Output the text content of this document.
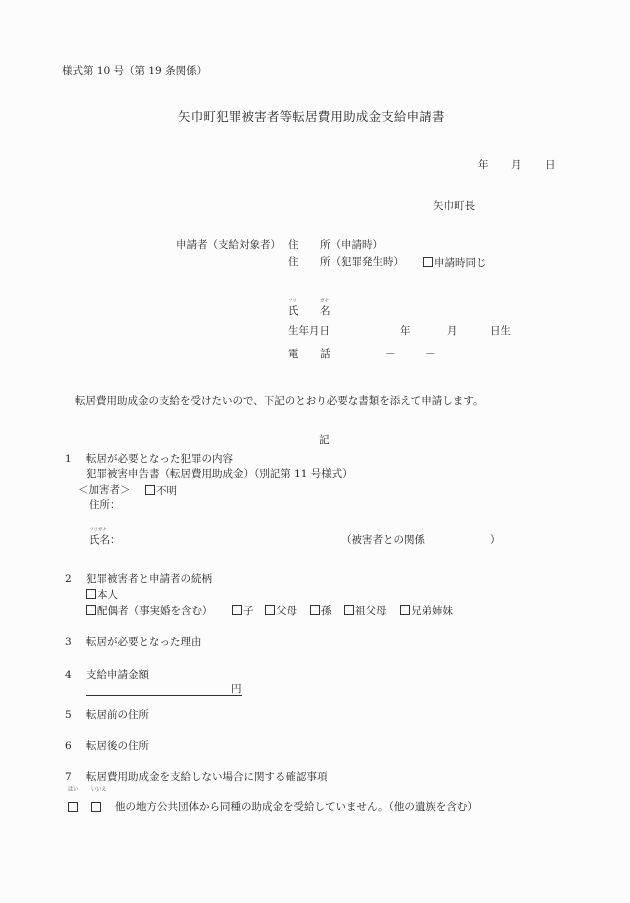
様式第 10 号（第 19 条関係）
矢巾町犯罪被害者等転居費用助成金支給申請書
年 月 日
矢巾町長
申請者（支給対象者） 住 所（申請時）
住 所（犯罪発生時）	申請時同じ
フリ
氏
ガナ
名
生年月日	年	月	日生
電 話	－	－
転居費用助成金の支給を受けたいので、下記のとおり必要な書類を添えて申請します。
記
1 転居が必要となった犯罪の内容
犯罪被害申告書（転居費用助成金）（別記第 11 号様式）
＜加害者＞	不明
住所：
フリガナ
氏名：	（被害者との関係	）
2 犯罪被害者と申請者の続柄
本人
配偶者（事実婚を含む）	子	父母	孫	祖父母	兄弟姉妹
3 転居が必要となった理由
4 支給申請金額
円
5 転居前の住所
6 転居後の住所
7 転居費用助成金を支給しない場合に関する確認事項
はい いいえ
他の地方公共団体から同種の助成金を受給していません。（他の遺族を含む）
